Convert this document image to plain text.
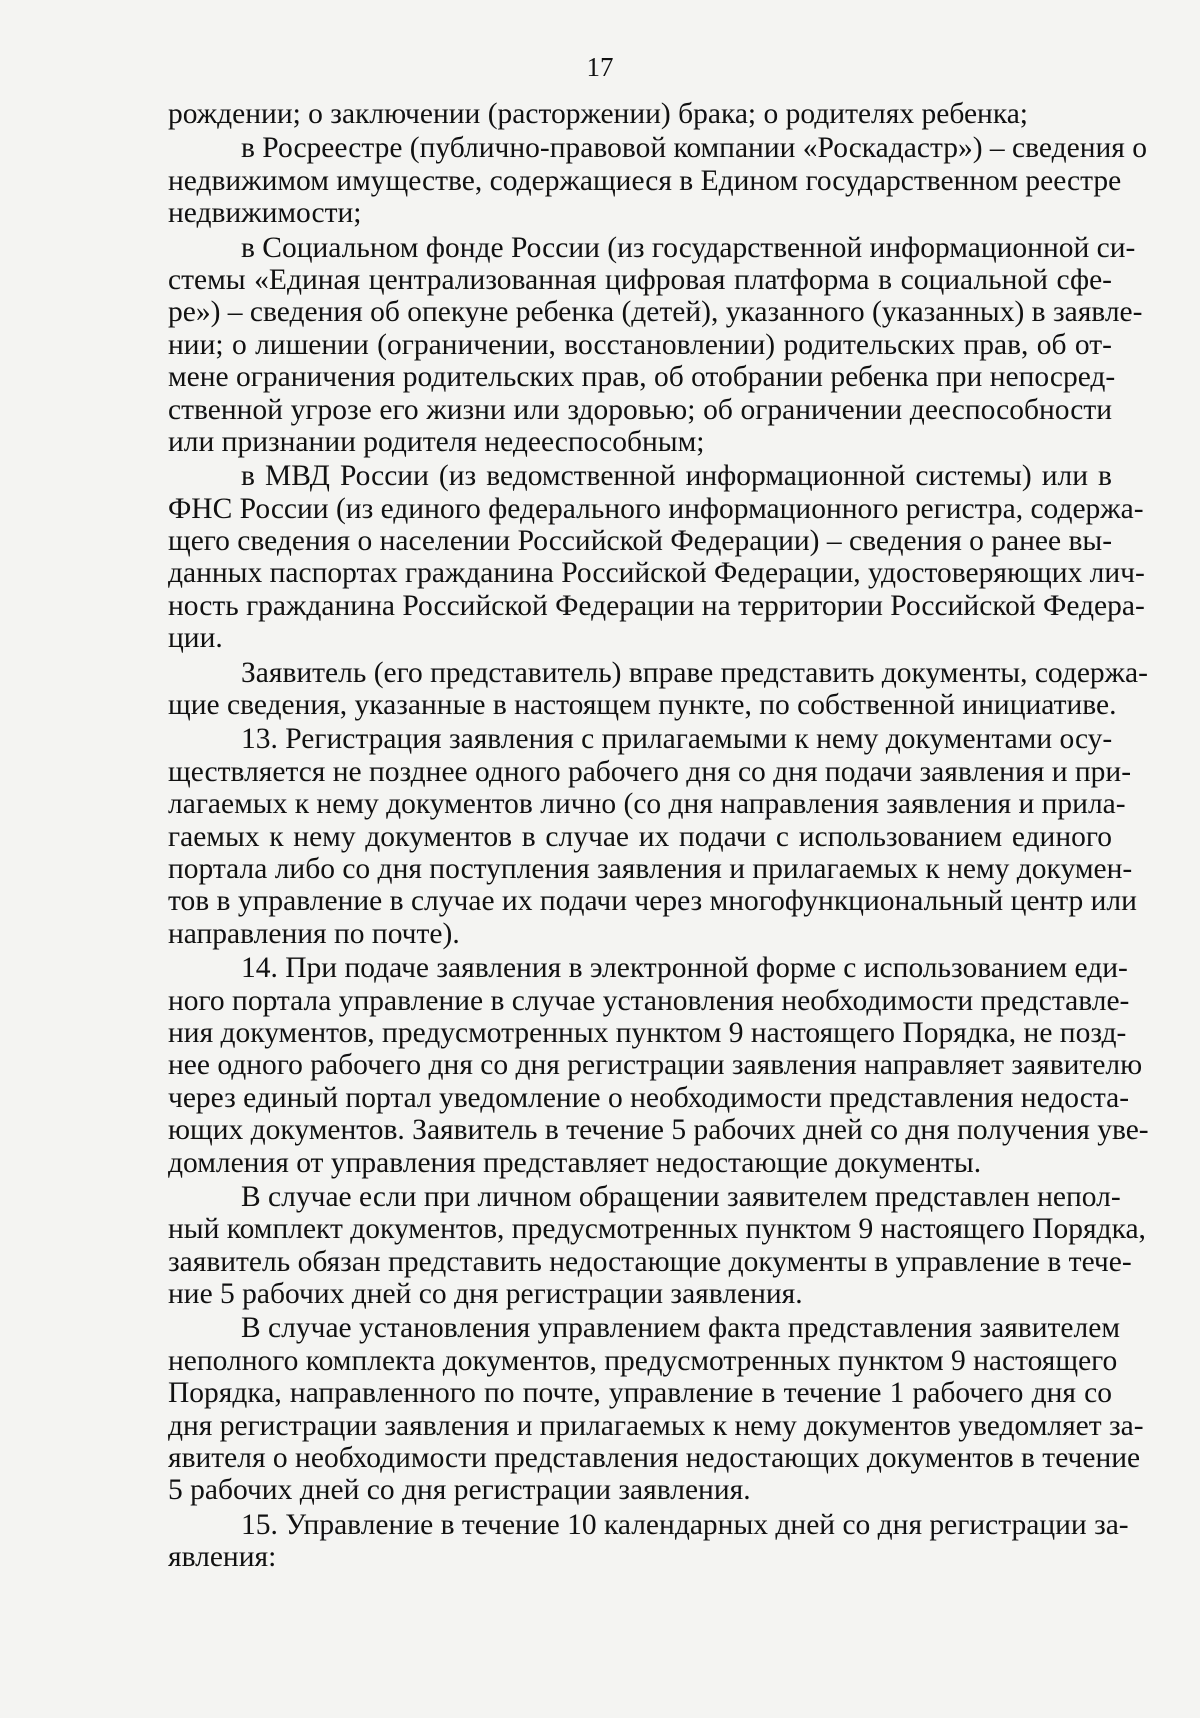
17
рождении; о заключении (расторжении) брака; о родителях ребенка;
в Росреестре (публично-правовой компании «Роскадастр») – сведения о
недвижимом имуществе, содержащиеся в Едином государственном реестре
недвижимости;
в Социальном фонде России (из государственной информационной си-
стемы «Единая централизованная цифровая платформа в социальной сфе-
ре») – сведения об опекуне ребенка (детей), указанного (указанных) в заявле-
нии; о лишении (ограничении, восстановлении) родительских прав, об от-
мене ограничения родительских прав, об отобрании ребенка при непосред-
ственной угрозе его жизни или здоровью; об ограничении дееспособности
или признании родителя недееспособным;
в МВД России (из ведомственной информационной системы) или в
ФНС России (из единого федерального информационного регистра, содержа-
щего сведения о населении Российской Федерации) – сведения о ранее вы-
данных паспортах гражданина Российской Федерации, удостоверяющих лич-
ность гражданина Российской Федерации на территории Российской Федера-
ции.
Заявитель (его представитель) вправе представить документы, содержа-
щие сведения, указанные в настоящем пункте, по собственной инициативе.
13. Регистрация заявления с прилагаемыми к нему документами осу-
ществляется не позднее одного рабочего дня со дня подачи заявления и при-
лагаемых к нему документов лично (со дня направления заявления и прила-
гаемых к нему документов в случае их подачи с использованием единого
портала либо со дня поступления заявления и прилагаемых к нему докумен-
тов в управление в случае их подачи через многофункциональный центр или
направления по почте).
14. При подаче заявления в электронной форме с использованием еди-
ного портала управление в случае установления необходимости представле-
ния документов, предусмотренных пунктом 9 настоящего Порядка, не позд-
нее одного рабочего дня со дня регистрации заявления направляет заявителю
через единый портал уведомление о необходимости представления недоста-
ющих документов. Заявитель в течение 5 рабочих дней со дня получения уве-
домления от управления представляет недостающие документы.
В случае если при личном обращении заявителем представлен непол-
ный комплект документов, предусмотренных пунктом 9 настоящего Порядка,
заявитель обязан представить недостающие документы в управление в тече-
ние 5 рабочих дней со дня регистрации заявления.
В случае установления управлением факта представления заявителем
неполного комплекта документов, предусмотренных пунктом 9 настоящего
Порядка, направленного по почте, управление в течение 1 рабочего дня со
дня регистрации заявления и прилагаемых к нему документов уведомляет за-
явителя о необходимости представления недостающих документов в течение
5 рабочих дней со дня регистрации заявления.
15. Управление в течение 10 календарных дней со дня регистрации за-
явления:
